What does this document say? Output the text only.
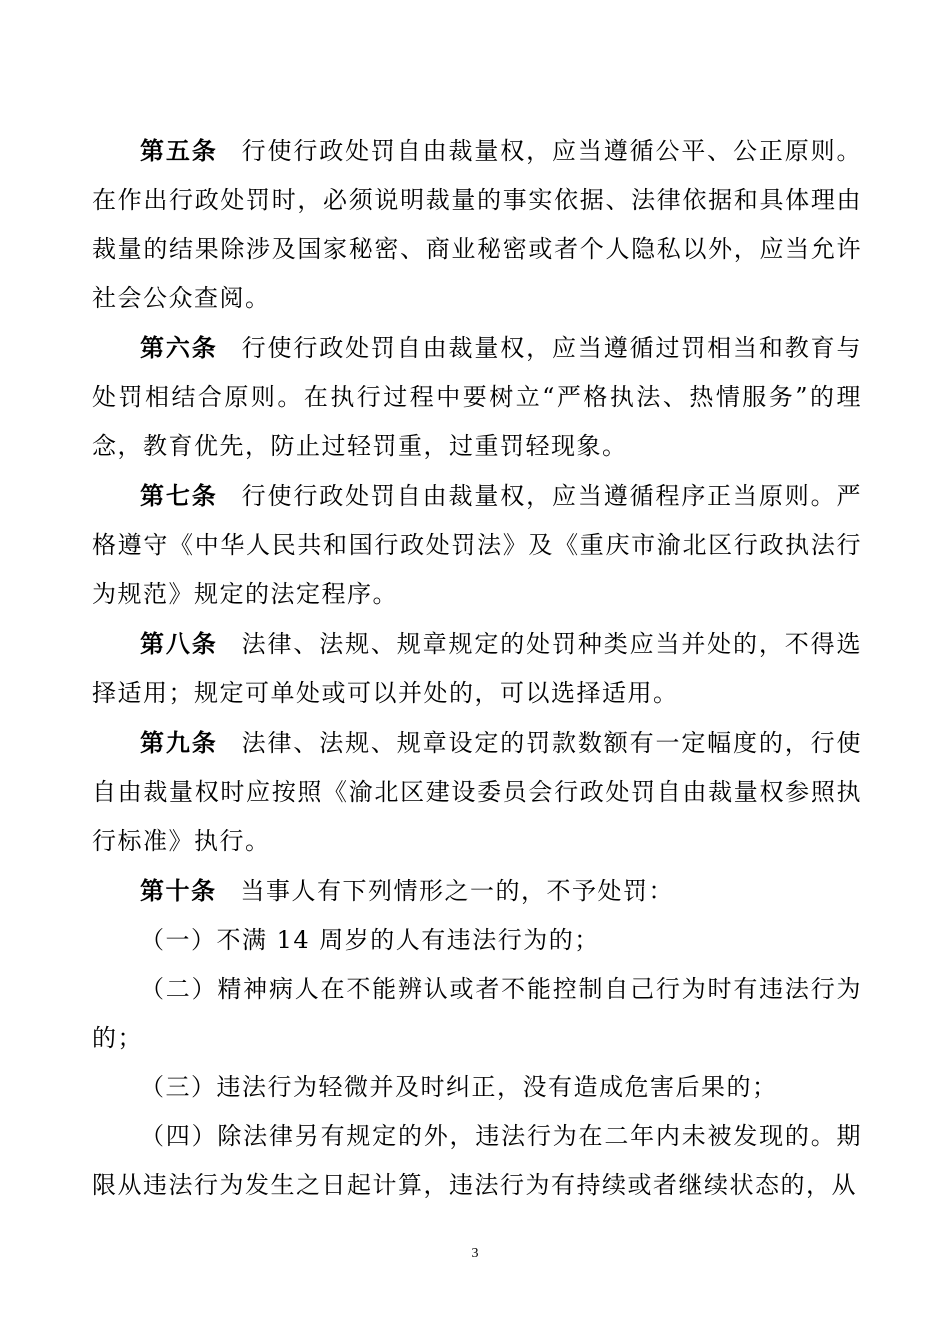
第五条 行使行政处罚自由裁量权，应当遵循公平、公正原则。在作出行政处罚时，必须说明裁量的事实依据、法律依据和具体理由裁量的结果除涉及国家秘密、商业秘密或者个人隐私以外，应当允许社会公众查阅。

第六条 行使行政处罚自由裁量权，应当遵循过罚相当和教育与处罚相结合原则。在执行过程中要树立“严格执法、热情服务”的理念，教育优先，防止过轻罚重，过重罚轻现象。

第七条 行使行政处罚自由裁量权，应当遵循程序正当原则。严格遵守《中华人民共和国行政处罚法》及《重庆市渝北区行政执法行为规范》规定的法定程序。

第八条 法律、法规、规章规定的处罚种类应当并处的，不得选择适用；规定可单处或可以并处的，可以选择适用。

第九条 法律、法规、规章设定的罚款数额有一定幅度的，行使自由裁量权时应按照《渝北区建设委员会行政处罚自由裁量权参照执行标准》执行。

第十条 当事人有下列情形之一的，不予处罚：

（一）不满 14 周岁的人有违法行为的；

（二）精神病人在不能辨认或者不能控制自己行为时有违法行为的；

（三）违法行为轻微并及时纠正，没有造成危害后果的；

（四）除法律另有规定的外，违法行为在二年内未被发现的。期限从违法行为发生之日起计算，违法行为有持续或者继续状态的，从

3
